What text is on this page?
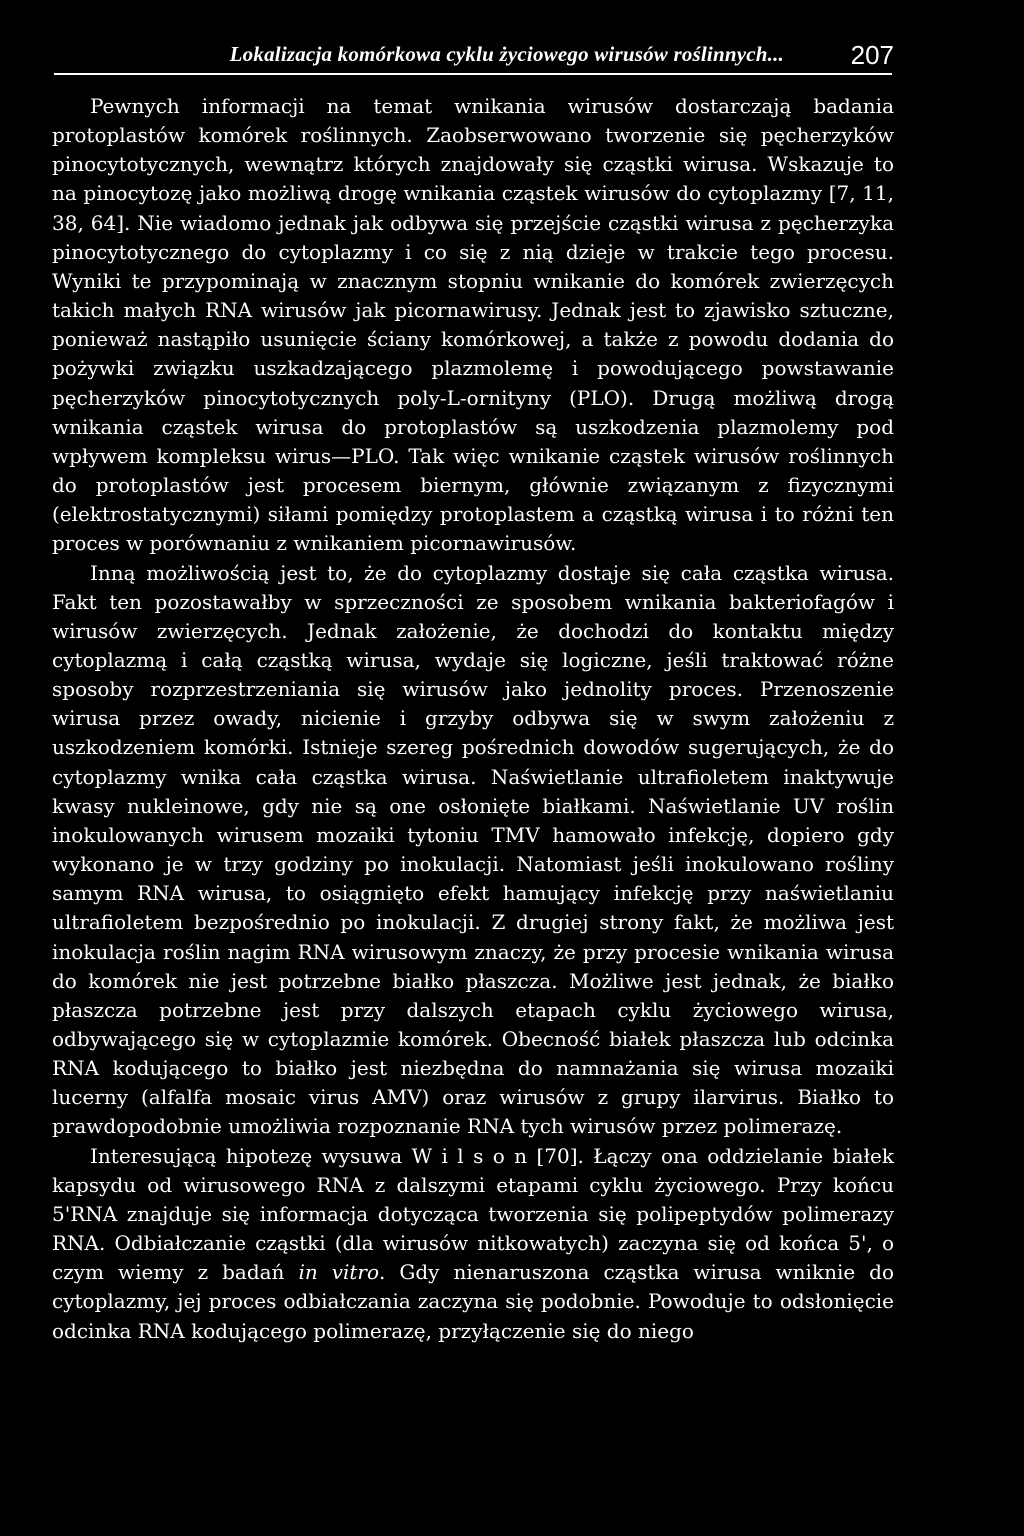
Lokalizacja komórkowa cyklu życiowego wirusów roślinnych...	207

Pewnych informacji na temat wnikania wirusów dostarczają badania protoplastów komórek roślinnych. Zaobserwowano tworzenie się pęcherzyków pinocytotycznych, wewnątrz których znajdowały się cząstki wirusa. Wskazuje to na pinocytozę jako możliwą drogę wnikania cząstek wirusów do cytoplazmy [7, 11, 38, 64]. Nie wiadomo jednak jak odbywa się przejście cząstki wirusa z pęcherzyka pinocytotycznego do cytoplazmy i co się z nią dzieje w trakcie tego procesu. Wyniki te przypominają w znacznym stopniu wnikanie do komórek zwierzęcych takich małych RNA wirusów jak picornawirusy. Jednak jest to zjawisko sztuczne, ponieważ nastąpiło usunięcie ściany komórkowej, a także z powodu dodania do pożywki związku uszkadzającego plazmolemę i powodującego powstawanie pęcherzyków pinocytotycznych poly-L-ornityny (PLO). Drugą możliwą drogą wnikania cząstek wirusa do protoplastów są uszkodzenia plazmolemy pod wpływem kompleksu wirus—PLO. Tak więc wnikanie cząstek wirusów roślinnych do protoplastów jest procesem biernym, głównie związanym z fizycznymi (elektrostatycznymi) siłami pomiędzy protoplastem a cząstką wirusa i to różni ten proces w porównaniu z wnikaniem picornawirusów.

Inną możliwością jest to, że do cytoplazmy dostaje się cała cząstka wirusa. Fakt ten pozostawałby w sprzeczności ze sposobem wnikania bakteriofagów i wirusów zwierzęcych. Jednak założenie, że dochodzi do kontaktu między cytoplazmą i całą cząstką wirusa, wydaje się logiczne, jeśli traktować różne sposoby rozprzestrzeniania się wirusów jako jednolity proces. Przenoszenie wirusa przez owady, nicienie i grzyby odbywa się w swym założeniu z uszkodzeniem komórki. Istnieje szereg pośrednich dowodów sugerujących, że do cytoplazmy wnika cała cząstka wirusa. Naświetlanie ultrafioletem inaktywuje kwasy nukleinowe, gdy nie są one osłonięte białkami. Naświetlanie UV roślin inokulowanych wirusem mozaiki tytoniu TMV hamowało infekcję, dopiero gdy wykonano je w trzy godziny po inokulacji. Natomiast jeśli inokulowano rośliny samym RNA wirusa, to osiągnięto efekt hamujący infekcję przy naświetlaniu ultrafioletem bezpośrednio po inokulacji. Z drugiej strony fakt, że możliwa jest inokulacja roślin nagim RNA wirusowym znaczy, że przy procesie wnikania wirusa do komórek nie jest potrzebne białko płaszcza. Możliwe jest jednak, że białko płaszcza potrzebne jest przy dalszych etapach cyklu życiowego wirusa, odbywającego się w cytoplazmie komórek. Obecność białek płaszcza lub odcinka RNA kodującego to białko jest niezbędna do namnażania się wirusa mozaiki lucerny (alfalfa mosaic virus AMV) oraz wirusów z grupy ilarvirus. Białko to prawdopodobnie umożliwia rozpoznanie RNA tych wirusów przez polimerazę.

Interesującą hipotezę wysuwa W i l s o n [70]. Łączy ona oddzielanie białek kapsydu od wirusowego RNA z dalszymi etapami cyklu życiowego. Przy końcu 5'RNA znajduje się informacja dotycząca tworzenia się polipeptydów polimerazy RNA. Odbiałczanie cząstki (dla wirusów nitkowatych) zaczyna się od końca 5', o czym wiemy z badań in vitro. Gdy nienaruszona cząstka wirusa wniknie do cytoplazmy, jej proces odbiałczania zaczyna się podobnie. Powoduje to odsłonięcie odcinka RNA kodującego polimerazę, przyłączenie się do niego
